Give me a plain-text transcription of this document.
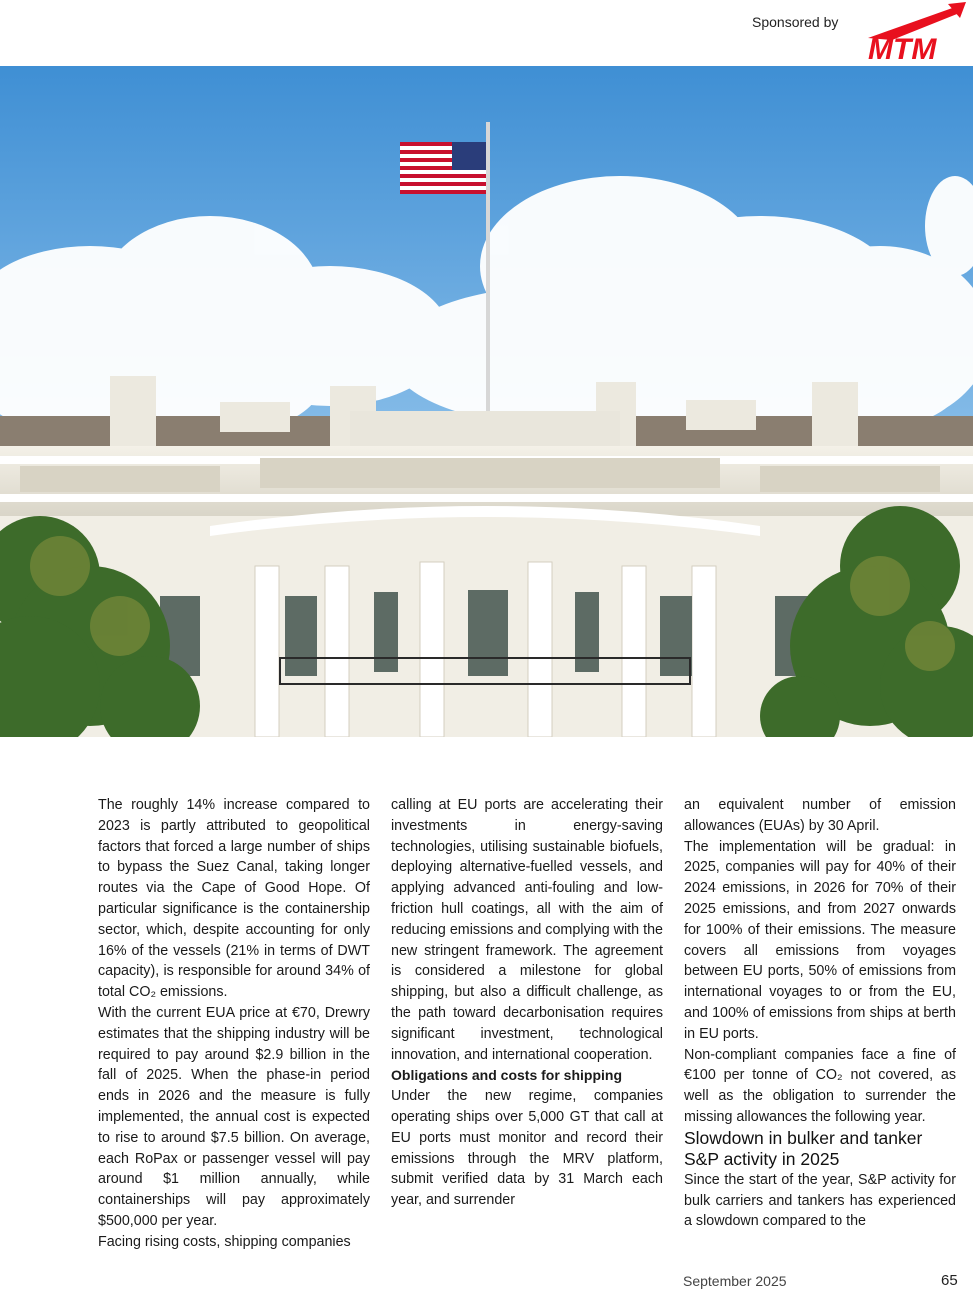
Sponsored by
MTM

The roughly 14% increase compared to 2023 is partly attributed to geopolitical factors that forced a large number of ships to bypass the Suez Canal, taking longer routes via the Cape of Good Hope. Of particular significance is the containership sector, which, despite accounting for only 16% of the vessels (21% in terms of DWT capacity), is responsible for around 34% of total CO₂ emissions.

With the current EUA price at €70, Drewry estimates that the shipping industry will be required to pay around $2.9 billion in the fall of 2025. When the phase-in period ends in 2026 and the measure is fully implemented, the annual cost is expected to rise to around $7.5 billion. On average, each RoPax or passenger vessel will pay around $1 million annually, while containerships will pay approximately $500,000 per year.

Facing rising costs, shipping companies

calling at EU ports are accelerating their investments in energy-saving technologies, utilising sustainable biofuels, deploying alternative-fuelled vessels, and applying advanced anti-fouling and low-friction hull coatings, all with the aim of reducing emissions and complying with the new stringent framework. The agreement is considered a milestone for global shipping, but also a difficult challenge, as the path toward decarbonisation requires significant investment, technological innovation, and international cooperation.

Obligations and costs for shipping

Under the new regime, companies operating ships over 5,000 GT that call at EU ports must monitor and record their emissions through the MRV platform, submit verified data by 31 March each year, and surrender

an equivalent number of emission allowances (EUAs) by 30 April.

The implementation will be gradual: in 2025, companies will pay for 40% of their 2024 emissions, in 2026 for 70% of their 2025 emissions, and from 2027 onwards for 100% of their emissions. The measure covers all emissions from voyages between EU ports, 50% of emissions from international voyages to or from the EU, and 100% of emissions from ships at berth in EU ports.

Non-compliant companies face a fine of €100 per tonne of CO₂ not covered, as well as the obligation to surrender the missing allowances the following year.

Slowdown in bulker and tanker S&P activity in 2025

Since the start of the year, S&P activity for bulk carriers and tankers has experienced a slowdown compared to the

September 2025	65
